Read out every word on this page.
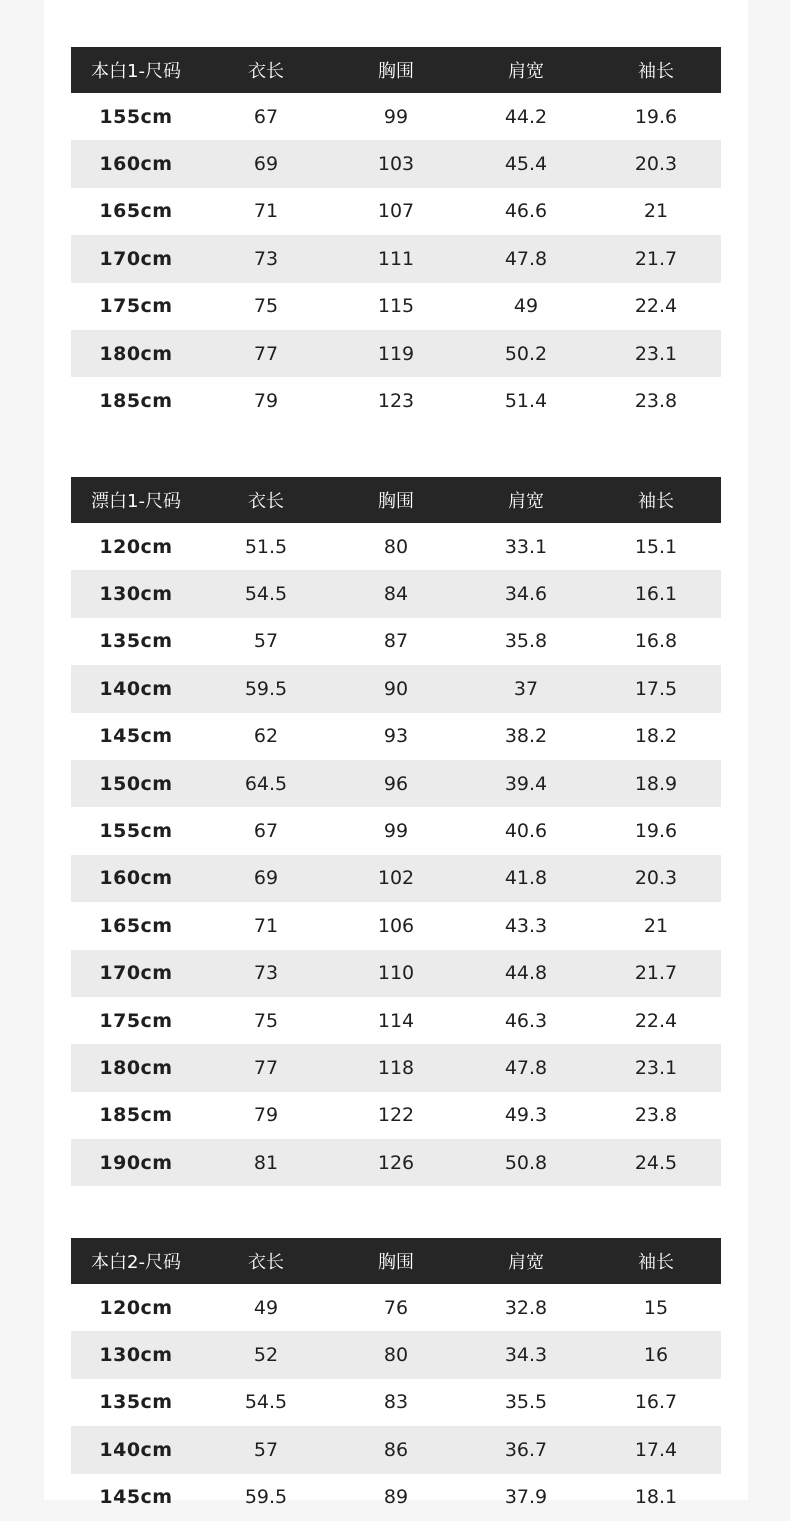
本白1-尺码	衣长	胸围	肩宽	袖长
155cm	67	99	44.2	19.6
160cm	69	103	45.4	20.3
165cm	71	107	46.6	21
170cm	73	111	47.8	21.7
175cm	75	115	49	22.4
180cm	77	119	50.2	23.1
185cm	79	123	51.4	23.8
漂白1-尺码	衣长	胸围	肩宽	袖长
120cm	51.5	80	33.1	15.1
130cm	54.5	84	34.6	16.1
135cm	57	87	35.8	16.8
140cm	59.5	90	37	17.5
145cm	62	93	38.2	18.2
150cm	64.5	96	39.4	18.9
155cm	67	99	40.6	19.6
160cm	69	102	41.8	20.3
165cm	71	106	43.3	21
170cm	73	110	44.8	21.7
175cm	75	114	46.3	22.4
180cm	77	118	47.8	23.1
185cm	79	122	49.3	23.8
190cm	81	126	50.8	24.5
本白2-尺码	衣长	胸围	肩宽	袖长
120cm	49	76	32.8	15
130cm	52	80	34.3	16
135cm	54.5	83	35.5	16.7
140cm	57	86	36.7	17.4
145cm	59.5	89	37.9	18.1
